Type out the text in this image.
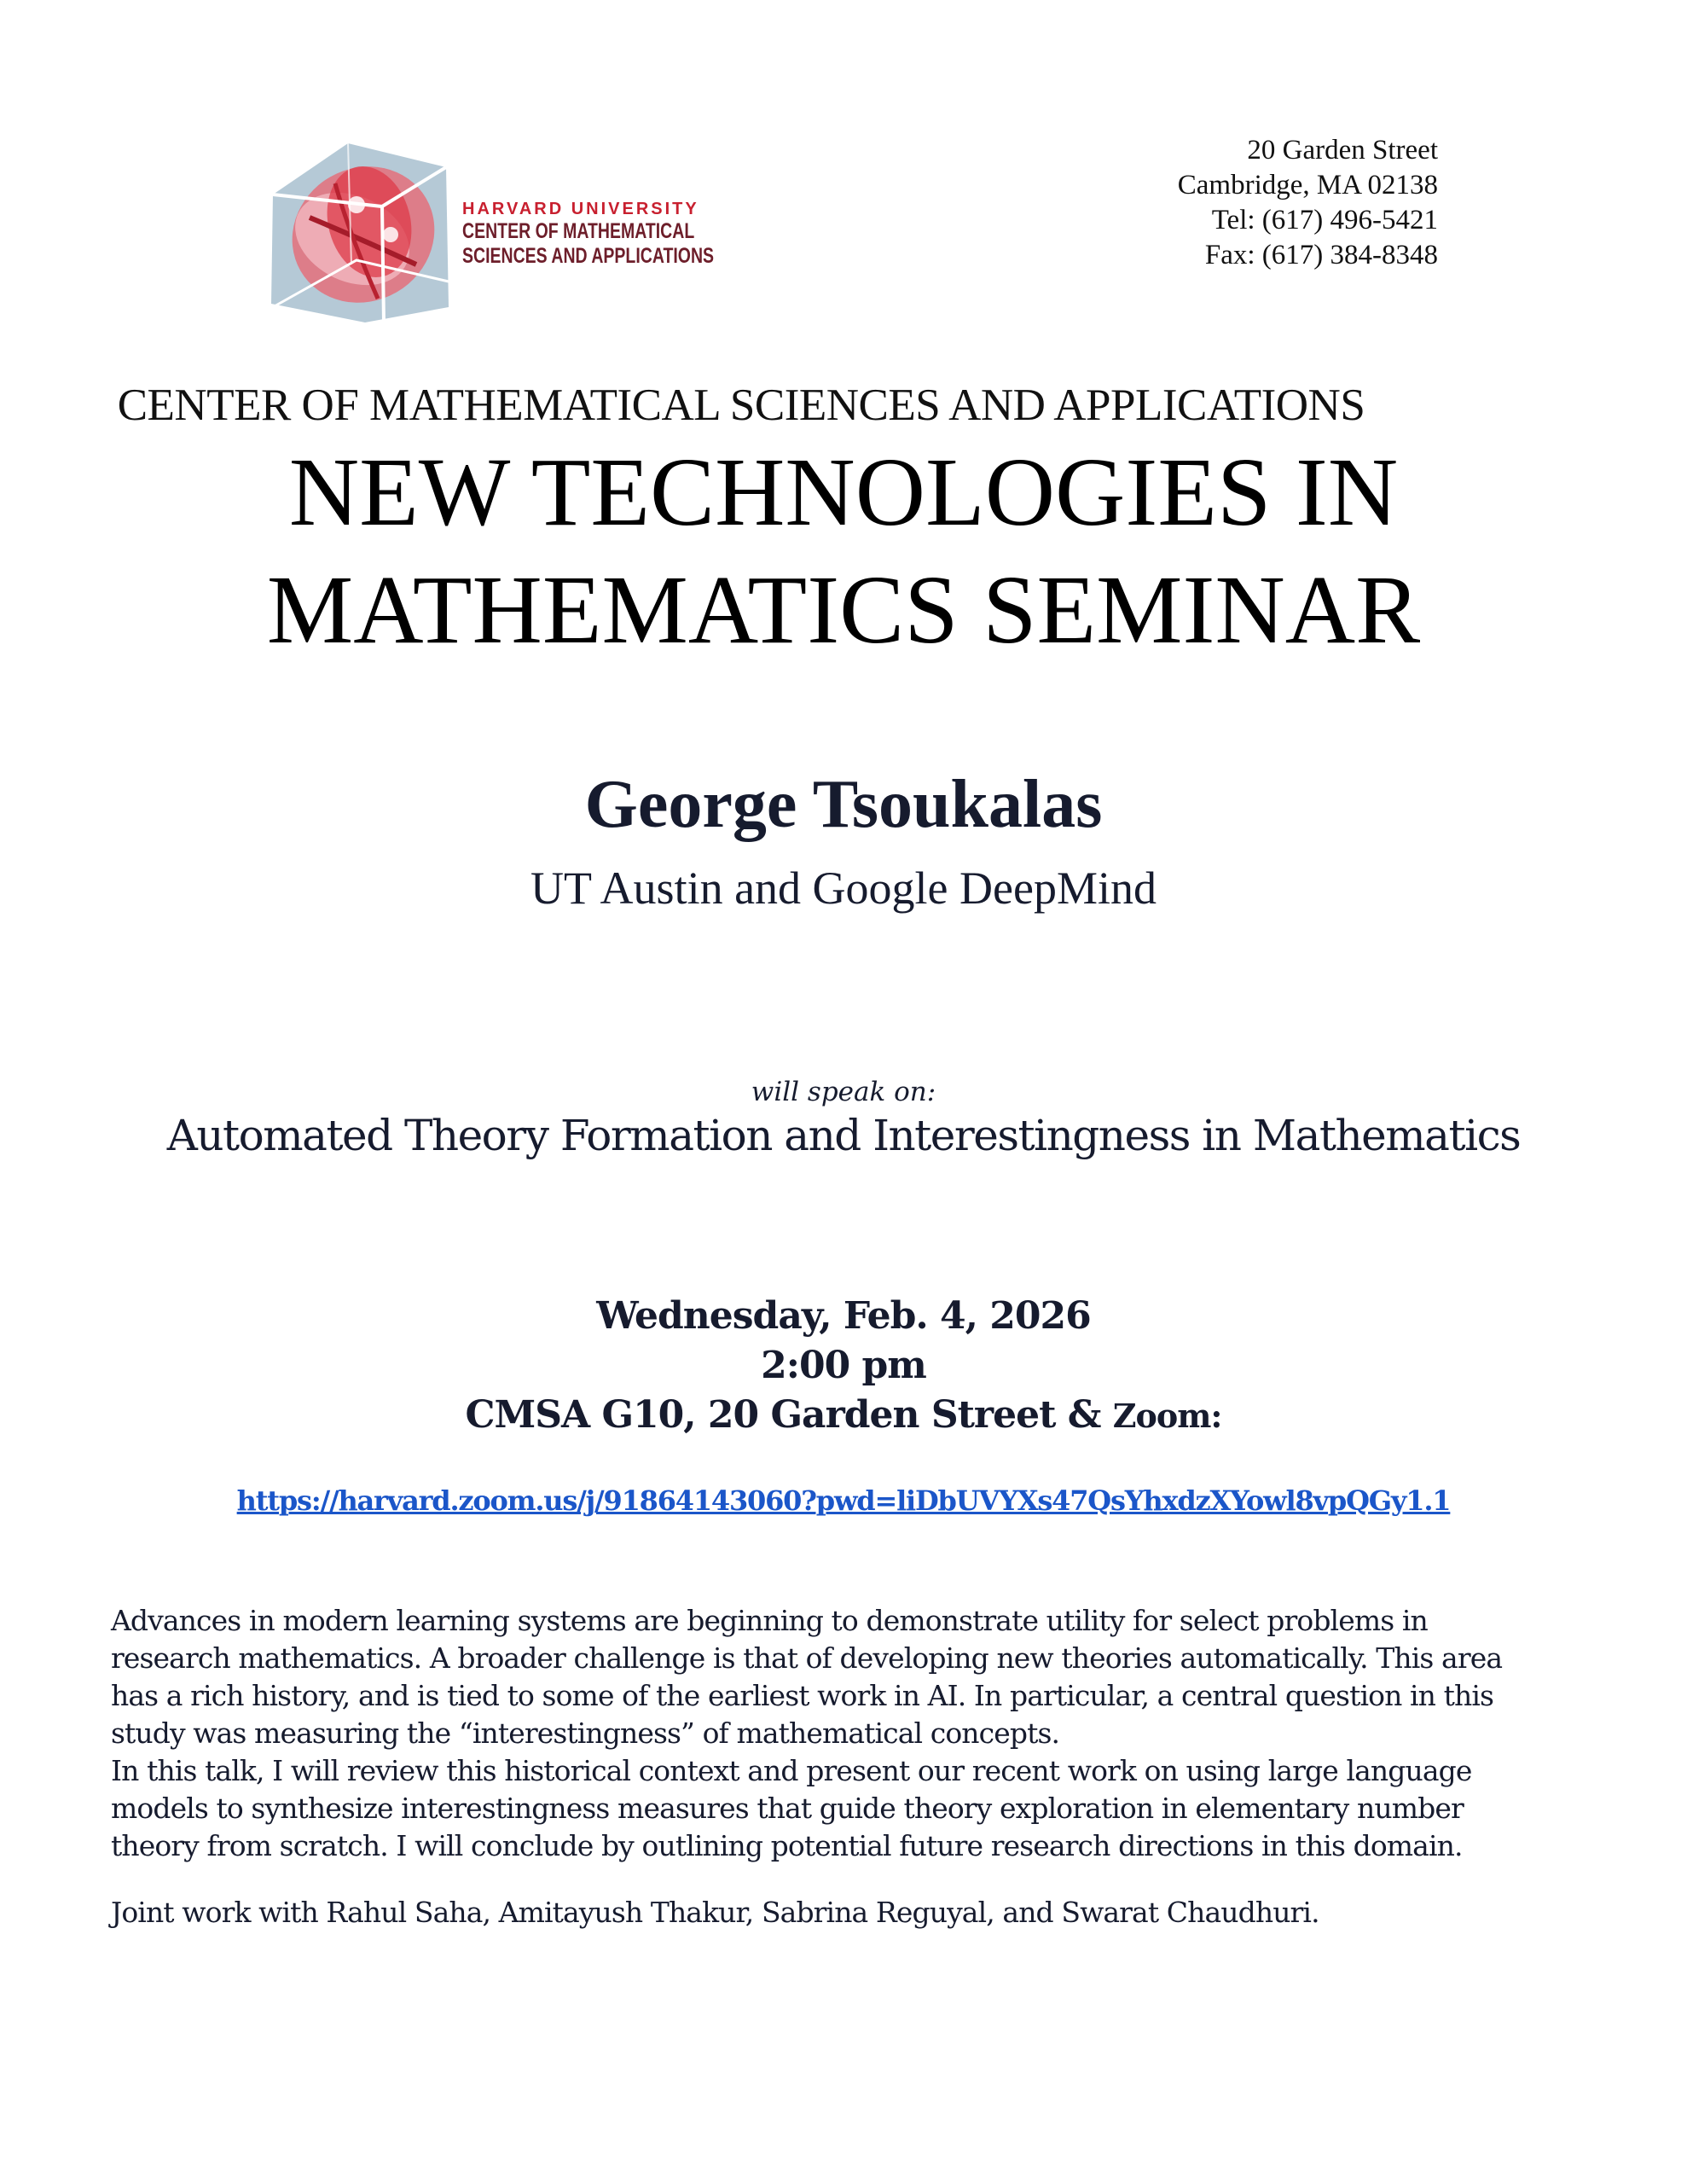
HARVARD UNIVERSITY
CENTER OF MATHEMATICAL
SCIENCES AND APPLICATIONS
20 Garden Street
Cambridge, MA 02138
Tel: (617) 496-5421
Fax: (617) 384-8348
CENTER OF MATHEMATICAL SCIENCES AND APPLICATIONS
NEW TECHNOLOGIES IN
MATHEMATICS SEMINAR
George Tsoukalas
UT Austin and Google DeepMind
will speak on:
Automated Theory Formation and Interestingness in Mathematics
Wednesday, Feb. 4, 2026
2:00 pm
CMSA G10, 20 Garden Street & Zoom:
https://harvard.zoom.us/j/91864143060?pwd=liDbUVYXs47QsYhxdzXYowl8vpQGy1.1

Advances in modern learning systems are beginning to demonstrate utility for select problems in

research mathematics. A broader challenge is that of developing new theories automatically. This area

has a rich history, and is tied to some of the earliest work in AI. In particular, a central question in this

study was measuring the “interestingness” of mathematical concepts.

In this talk, I will review this historical context and present our recent work on using large language

models to synthesize interestingness measures that guide theory exploration in elementary number

theory from scratch. I will conclude by outlining potential future research directions in this domain.

Joint work with Rahul Saha, Amitayush Thakur, Sabrina Reguyal, and Swarat Chaudhuri.
